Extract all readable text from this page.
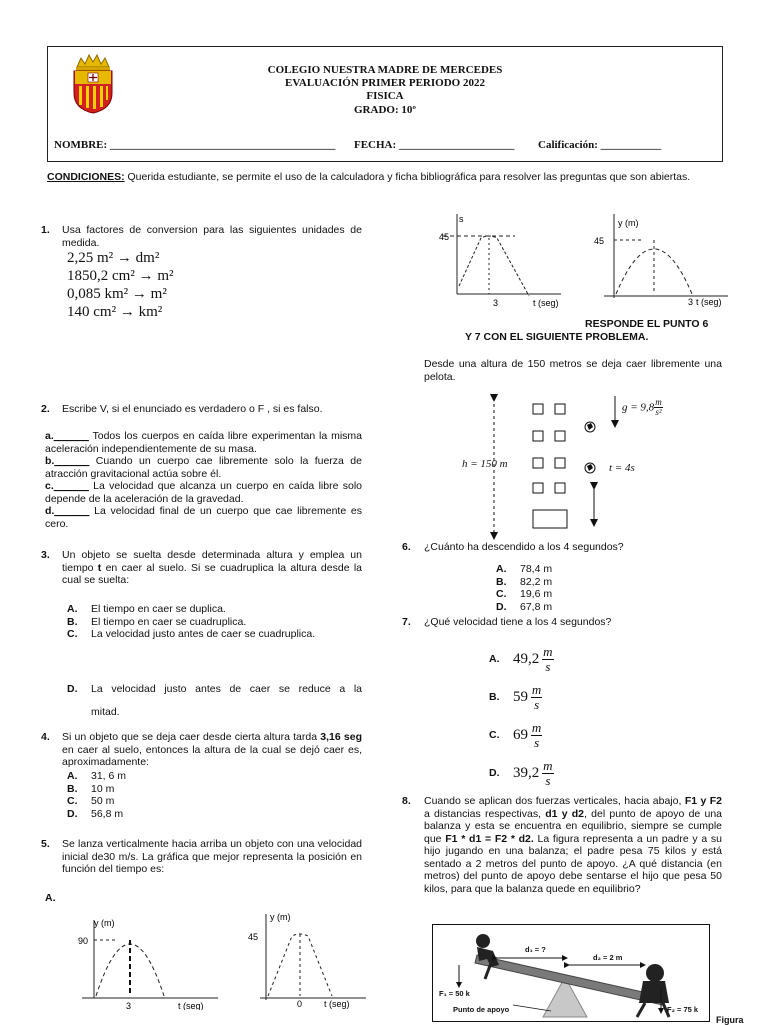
COLEGIO NUESTRA MADRE DE MERCEDES
EVALUACIÓN PRIMER PERIODO 2022
FISICA
GRADO: 10º
NOMBRE: _________________________________________ FECHA: _____________________ Calificación: ___________
CONDICIONES: Querida estudiante, se permite el uso de la calculadora y ficha bibliográfica para resolver las preguntas que son abiertas.
1. Usa factores de conversion para las siguientes unidades de medida.
2,25 m² → dm²
1850,2 cm² → m²
0,085 km² → m²
140 cm² → km²
2. Escribe V, si el enunciado es verdadero o F , si es falso.
a.______ Todos los cuerpos en caída libre experimentan la misma aceleración independientemente de su masa.
b.______ Cuando un cuerpo cae libremente solo la fuerza de atracción gravitacional actúa sobre él.
c.______ La velocidad que alcanza un cuerpo en caída libre solo depende de la aceleración de la gravedad.
d.______ La velocidad final de un cuerpo que cae libremente es cero.
3. Un objeto se suelta desde determinada altura y emplea un tiempo t en caer al suelo. Si se cuadruplica la altura desde la cual se suelta:
A. El tiempo en caer se duplica.
B. El tiempo en caer se cuadruplica.
C. La velocidad justo antes de caer se cuadruplica.
D. La velocidad justo antes de caer se reduce a la
mitad.
4. Si un objeto que se deja caer desde cierta altura tarda 3,16 seg en caer al suelo, entonces la altura de la cual se dejó caer es, aproximadamente:
A. 31, 6 m
B. 10 m
C. 50 m
D. 56,8 m
5. Se lanza verticalmente hacia arriba un objeto con una velocidad inicial de30 m/s. La gráfica que mejor representa la posición en función del tiempo es:
A.
y (m)
90
3	t (seg)
y (m)
45
0 t (seg)
s
45
3	t (seg)
y (m)
45
3 t (seg)
RESPONDE EL PUNTO 6
Y 7 CON EL SIGUIENTE PROBLEMA.
Desde una altura de 150 metros se deja caer libremente una pelota.
h = 150 m
$g = 9,8 \frac{m}{\text{s²}}$
t = 4s
6. ¿Cuánto ha descendido a los 4 segundos?
A. 78,4 m
B. 82,2 m
C. 19,6 m
D. 67,8 m
7. ¿Qué velocidad tiene a los 4 segundos?
A. 49,2
$\frac{m}{s}$
B. 59
$\frac{m}{s}$
C. 69
$\frac{m}{s}$
D. 39,2
$\frac{m}{s}$
8. Cuando se aplican dos fuerzas verticales, hacia abajo, F1 y F2 a distancias respectivas, d1 y d2, del punto de apoyo de una balanza y esta se encuentra en equilibrio, siempre se cumple que F1 * d1 = F2 * d2. La figura representa a un padre y a su hijo jugando en una balanza; el padre pesa 75 kilos y está sentado a 2 metros del punto de apoyo. ¿A qué distancia (en metros) del punto de apoyo debe sentarse el hijo que pesa 50 kilos, para que la balanza quede en equilibrio?
d₁ = ?
d₂ = 2 m
F₁ = 50 k
F₂ = 75 k
Punto de apoyo
Figura
